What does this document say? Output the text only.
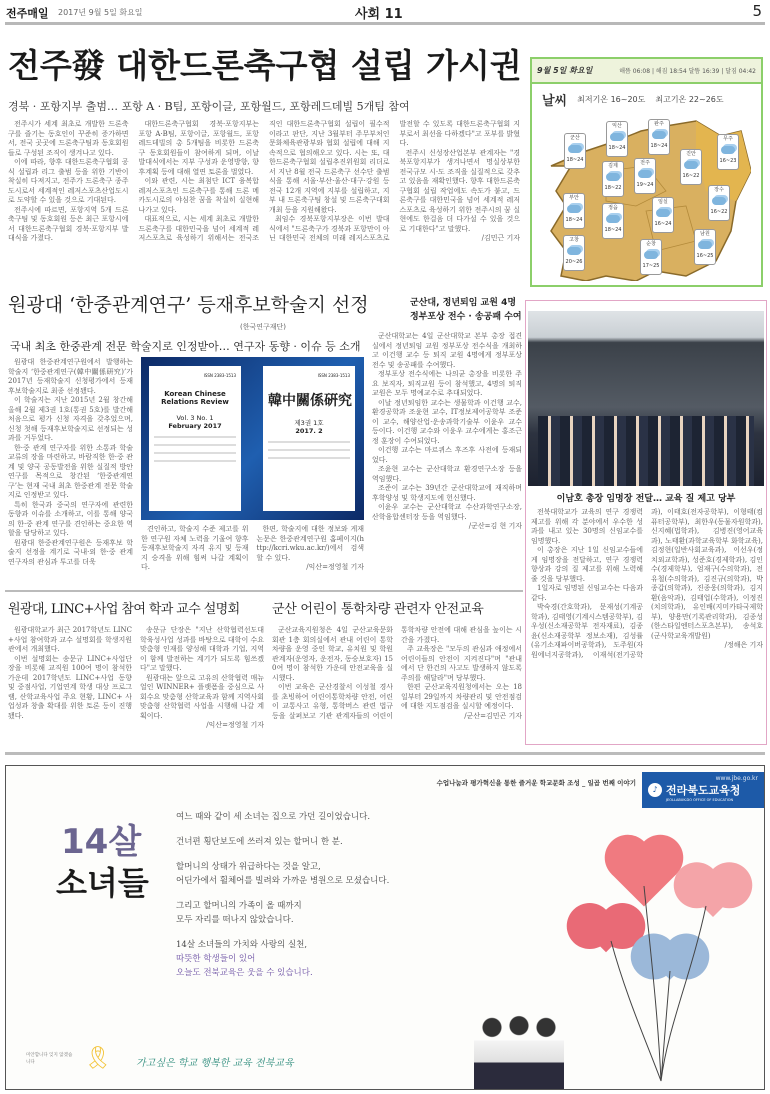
전주매일 2017년 9월 5일 화요일	사회 11	5
전주發 대한드론축구협 설립 가시권
경북 · 포항지부 출범… 포항 A · B팀, 포항이글, 포항월드, 포항레드데빌 5개팀 참여

전주시가 세계 최초로 개발한 드론축구를 즐기는 동호인이 꾸준히 증가하면서, 전국 곳곳에 드론축구팀과 동호회원들로 구성된 조직이 생겨나고 있다.

이에 따라, 향후 대한드론축구협회 공식 설립과 리그 출범 등을 위한 기반이 착실히 다져지고, 전주가 드론축구 종주도시로서 세계적인 레저스포츠산업도시로 도약할 수 있을 것으로 기대된다.

전주시에 따르면, 포항지역 5개 드론축구팀 및 동호회원 등은 최근 포항시에서 대한드론축구협회 경북·포항지부 발대식을 가졌다.

대한드론축구협회 경북·포항지부는 포항 A·B팀, 포항이글, 포항월드, 포항레드데빌의 총 5개팀을 비롯한 드론축구 동호회원들이 참여하게 되며, 이날 발대식에서는 지부 구성과 운영방향, 향후계획 등에 대해 열띤 토론을 벌였다.

이와 관련, 시는 최첨단 ICT 융복합 레저스포츠인 드론축구를 통해 드론 메카도시로의 야심찬 꿈을 착실히 실현해나가고 있다.

대표적으로, 시는 세계 최초로 개발한 드론축구를 대한민국을 넘어 세계적 레저스포츠로 육성하기 위해서는 전국조직인 대한드론축구협회 설립이 필수적이라고 판단, 지난 3월부터 주무부처인 문화체육관광부와 협회 설립에 대해 지속적으로 협의해오고 있다. 시는 또, 대한드론축구협회 설립추진위원회 리더로서 지난 8월 전국 드론축구 선수단 출범식을 통해 서울·부산·울산·대구·강원 등 전국 12개 지역에 지부를 설립하고, 지부 내 드론축구팀 창설 및 드론축구대회 개최 등을 지원해왔다.

최임수 경북포항지부장은 이번 발대식에서 "드론축구가 경북과 포항만이 아닌 대한민국 전체의 미래 레저스포츠로 발전할 수 있도록 대한드론축구협회 지부로서 최선을 다하겠다"고 포부를 밝혔다.

전주시 신성장산업본부 관계자는 "경북포항지부가 생겨나면서 명실상부한 전국규모 시·도 조직을 실질적으로 갖추고 있음을 재확인했다. 향후 대한드론축구협회 설립 작업에도 속도가 붙고, 드론축구를 대한민국을 넘어 세계적 레저스포츠로 육성하기 위한 전주시의 꿈 실현에도 한걸음 더 다가설 수 있을 것으로 기대한다"고 말했다.

/김민근 기자
9월 5일 화요일	해뜸 06:08 | 해짐 18:54 달뜸 16:39 | 달짐 04:42
날씨 최저기온 16~20도 최고기온 22~26도
군산
18~24
익산
18~24
완주
18~24
무주
16~23
김제
18~22
전주
19~24
진안
16~22
부안
18~24
장수
16~22
정읍
18~24
임실
16~24
남원
16~25
고창
20~26
순창
17~25
원광대 ‘한중관계연구’ 등재후보학술지 선정
(한국연구재단)
국내 최초 한중관계 전문 학술지로 인정받아… 연구자 동향 · 이슈 등 소개

원광대 한중관계연구원에서 발행하는 학술지 ‘한중관계연구(韓中關係硏究)’가 2017년 등재학술지 신청평가에서 등재후보학술지로 최종 선정됐다.

이 학술지는 지난 2015년 2월 창간해 올해 2월 제3권 1호(통권 5호)를 발간해 처음으로 평가 신청 자격을 갖추었으며, 신청 첫해 등재후보학술지로 선정되는 성과를 거두었다.

한·중 관계 연구자를 위한 소통과 학술 교류의 장을 마련하고, 바람직한 한·중 관계 및 양국 공동발전을 위한 실질적 방안 연구를 목적으로 창간된 ‘한중관계연구’는 현재 국내 최초 한중관계 전문 학술지로 인정받고 있다.

특히 한국과 중국의 연구자에 관련한 동향과 이슈를 소개하고, 이를 통해 양국의 한·중 관계 연구를 견인하는 중요한 역할을 담당하고 있다.

원광대 한중관계연구원은 등재후보 학술지 선정을 계기로 국내·외 한·중 관계 연구자의 관심과 투고를 더욱

ISSN 2383-1513
Korean Chinese Relations Review
Vol. 3 No. 1
February 2017
ISSN 2383-1513
韓中關係硏究
제3권 1호
2017. 2

견인하고, 학술지 수준 제고를 위한 연구원 자체 노력을 기울여 향후 등재후보학술지 자격 유지 및 등재지 승격을 위해 힘써 나갈 계획이다.

한편, 학술지에 대한 정보와 게재 논문은 한중관계연구원 홈페이지(http://kcri.wku.ac.kr/)에서 검색할 수 있다.

/익산=정영철 기자
군산대, 정년퇴임 교원 4명
정부포상 전수 · 송공패 수여

군산대학교는 4일 군산대학교 본부 총장 접견실에서 정년퇴임 교원 정부포상 전수식을 개최하고 이건행 교수 등 퇴직 교원 4명에게 정부포상 전수 및 송공패를 수여했다.

정부포상 전수식에는 나의균 총장을 비롯한 주요 보직자, 퇴직교원 등이 참석했고, 4명의 퇴직교원은 모두 명예교수로 추대되었다.

이날 정년퇴임한 교수는 생물학과 이건행 교수, 환경공학과 조윤현 교수, IT정보제어공학부 조준이 교수, 해양산업·운송과학기술부 이윤우 교수 등이다. 이건행 교수와 이윤우 교수에게는 홍조근정 훈장이 수여되었다.

이건행 교수는 마르퀴스 후즈후 사전에 등재되었다.

조윤현 교수는 군산대학교 환경연구소장 등을 역임했다.

조준이 교수는 39년간 군산대학교에 재직하며 후학양성 및 학생지도에 헌신했다.

이윤우 교수는 군산대학교 수산과학연구소장, 산학융합센터장 등을 역임했다.

/군산=김 현 기자
이남호 총장 임명장 전달… 교육 질 제고 당부

전북대학교가 교육의 연구 경쟁력 제고를 위해 각 분야에서 우수한 성과를 내고 있는 30명의 신임교수를 임명했다.

이 총장은 지난 1일 신임교수들에게 임명장을 전달하고, 연구 경쟁력 향상과 강의 질 제고를 위해 노력해 줄 것을 당부했다.

1일자로 임명된 신임교수는 다음과 같다.

박숙경(간호학과), 문재성(기계공학과), 김태영(기계시스템공학부), 김우성(신소재공학부 전자재료), 김종윤(신소재공학부 정보소재), 김성률(유기소재파이버공학과), 도주원(자원에너지공학과), 이재석(전기공학과), 이태호(전자공학부), 이형태(컴퓨터공학부), 최한우(동물자원학과), 신지혜(법학과), 김병진(영어교육과), 노태환(과학교육학부 화학교육), 김정현(일반사회교육과), 이선우(정치외교학과), 성준호(경제학과), 김인수(경제학부), 엄재구(수의학과), 전유철(수의학과), 김진규(의학과), 박종갑(의학과), 진종웅(의학과), 김지환(음악과), 김태업(수학과), 이정진(치의학과), 유인배(지미카타국제학부), 양용만(기록관리학과), 김종성(한스타일엔터스포츠본부), 송석호(군사학교육개발원)

/정해은 기자
원광대, LINC+사업 참여 학과 교수 설명회

원광대학교가 최근 2017학년도 LINC+사업 참여학과 교수 설명회를 학생지원관에서 개최했다.

이번 설명회는 송문규 LINC+사업단장을 비롯해 교직원 100여 명이 참석한 가운데 2017학년도 LINC+사업 동향 및 중점사업, 기업연계 학생 대상 프로그램, 산학교육사업 주요 현황, LINC+ 사업성과 창출 확대를 위한 토론 등이 진행됐다.

송문규 단장은 "지난 산학협력선도대학육성사업 성과를 바탕으로 대학이 수요 맞춤형 인재를 양성해 대학과 기업, 지역이 함께 발전하는 계기가 되도록 힘쓰겠다"고 말했다.

원광대는 앞으로 고유의 산학협력 매뉴얼인 WINNER+ 플랫폼을 중심으로 사회수요 맞춤형 산학교육과 함께 지역사회 맞춤형 산학협력 사업을 시행해 나갈 계획이다.

/익산=정영철 기자
군산 어린이 통학차량 관련자 안전교육

군산교육지원청은 4일 군산교육문화회관 1층 회의실에서 관내 어린이 통학차량을 운영 중인 학교, 유치원 및 학원 관계자(운영자, 운전자, 동승보호자) 150여 명이 참석한 가운데 안전교육을 실시했다.

이번 교육은 군산경찰서 이성철 경사를 초빙하여 어린이통학차량 안전, 어린이 교통사고 유형, 통학버스 관련 법규 등을 살펴보고 기관 관계자들의 어린이 통학차량 안전에 대해 관심을 높이는 시간을 가졌다.

주 교육장은 "모두의 관심과 애정에서 어린이들의 안전이 지켜진다"며 "관내에서 단 한건의 사고도 발생하지 않도록 주의를 해달라"며 당부했다.

한편 군산교육지원청에서는 오는 18일부터 29일까지 차량관리 및 안전점검에 대한 지도점검을 실시할 예정이다.

/군산=김민곤 기자
수업나눔과 평가혁신을 통한 즐거운 학교문화 조성 _ 일곱 번째 이야기
www.jbe.go.kr
♪ 전라북도교육청
JEOLLABUK-DO OFFICE OF EDUCATION
14살
소녀들

여느 때와 같이 세 소녀는 집으로 가던 길이었습니다.

건너편 횡단보도에 쓰러져 있는 할머니 한 분.

할머니의 상태가 위급하다는 것을 알고,
어딘가에서 휠체어를 빌려와 가까운 병원으로 모셨습니다.

그리고 할머니의 가족이 올 때까지
모두 자리를 떠나지 않았습니다.

14살 소녀들의 가치와 사랑의 실천,
따뜻한 학생들이 있어
오늘도 전북교육은 웃을 수 있습니다.

미안합니다 잊지 않겠습니다	🎗 가고싶은 학교 행복한 교육 전북교육
